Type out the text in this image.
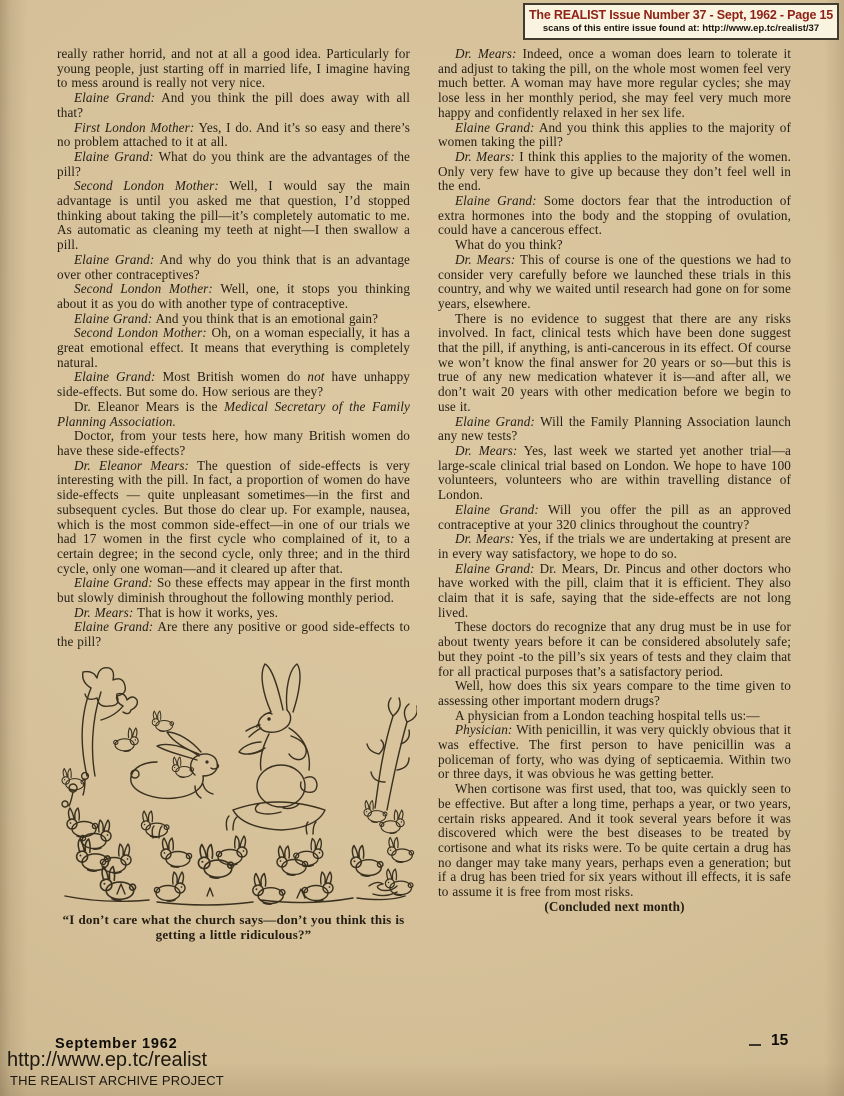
The REALIST Issue Number 37 - Sept, 1962 - Page 15
scans of this entire issue found at: http://www.ep.tc/realist/37

really rather horrid, and not at all a good idea. Particularly for young people, just starting off in married life, I imagine having to mess around is really not very nice.

Elaine Grand: And you think the pill does away with all that?

First London Mother: Yes, I do. And it’s so easy and there’s no problem attached to it at all.

Elaine Grand: What do you think are the advantages of the pill?

Second London Mother: Well, I would say the main advantage is until you asked me that question, I’d stopped thinking about taking the pill—it’s completely automatic to me. As automatic as cleaning my teeth at night—I then swallow a pill.

Elaine Grand: And why do you think that is an advantage over other contraceptives?

Second London Mother: Well, one, it stops you thinking about it as you do with another type of contraceptive.

Elaine Grand: And you think that is an emotional gain?

Second London Mother: Oh, on a woman especially, it has a great emotional effect. It means that everything is completely natural.

Elaine Grand: Most British women do not have unhappy side-effects. But some do. How serious are they?

Dr. Eleanor Mears is the Medical Secretary of the Family Planning Association.

Doctor, from your tests here, how many British women do have these side-effects?

Dr. Eleanor Mears: The question of side-effects is very interesting with the pill. In fact, a proportion of women do have side-effects — quite unpleasant sometimes—in the first and subsequent cycles. But those do clear up. For example, nausea, which is the most common side-effect—in one of our trials we had 17 women in the first cycle who complained of it, to a certain degree; in the second cycle, only three; and in the third cycle, only one woman—and it cleared up after that.

Elaine Grand: So these effects may appear in the first month but slowly diminish throughout the following monthly period.

Dr. Mears: That is how it works, yes.

Elaine Grand: Are there any positive or good side-effects to the pill?

“I don’t care what the church says—don’t you think this is getting a little ridiculous?”

Dr. Mears: Indeed, once a woman does learn to tolerate it and adjust to taking the pill, on the whole most women feel very much better. A woman may have more regular cycles; she may lose less in her monthly period, she may feel very much more happy and confidently relaxed in her sex life.

Elaine Grand: And you think this applies to the majority of women taking the pill?

Dr. Mears: I think this applies to the majority of the women. Only very few have to give up because they don’t feel well in the end.

Elaine Grand: Some doctors fear that the introduction of extra hormones into the body and the stopping of ovulation, could have a cancerous effect.

What do you think?

Dr. Mears: This of course is one of the questions we had to consider very carefully before we launched these trials in this country, and why we waited until research had gone on for some years, elsewhere.

There is no evidence to suggest that there are any risks involved. In fact, clinical tests which have been done suggest that the pill, if anything, is anti-cancerous in its effect. Of course we won’t know the final answer for 20 years or so—but this is true of any new medication whatever it is—and after all, we don’t wait 20 years with other medication before we begin to use it.

Elaine Grand: Will the Family Planning Association launch any new tests?

Dr. Mears: Yes, last week we started yet another trial—a large-scale clinical trial based on London. We hope to have 100 volunteers, volunteers who are within travelling distance of London.

Elaine Grand: Will you offer the pill as an approved contraceptive at your 320 clinics throughout the country?

Dr. Mears: Yes, if the trials we are undertaking at present are in every way satisfactory, we hope to do so.

Elaine Grand: Dr. Mears, Dr. Pincus and other doctors who have worked with the pill, claim that it is efficient. They also claim that it is safe, saying that the side-effects are not long lived.

These doctors do recognize that any drug must be in use for about twenty years before it can be considered absolutely safe; but they point -to the pill’s six years of tests and they claim that for all practical purposes that’s a satisfactory period.

Well, how does this six years compare to the time given to assessing other important modern drugs?

A physician from a London teaching hospital tells us:—

Physician: With penicillin, it was very quickly obvious that it was effective. The first person to have penicillin was a policeman of forty, who was dying of septicaemia. Within two or three days, it was obvious he was getting better.

When cortisone was first used, that too, was quickly seen to be effective. But after a long time, perhaps a year, or two years, certain risks appeared. And it took several years before it was discovered which were the best diseases to be treated by cortisone and what its risks were. To be quite certain a drug has no danger may take many years, perhaps even a generation; but if a drug has been tried for six years without ill effects, it is safe to assume it is free from most risks.

(Concluded next month)

September 1962	15
http://www.ep.tc/realist
THE REALIST ARCHIVE PROJECT
